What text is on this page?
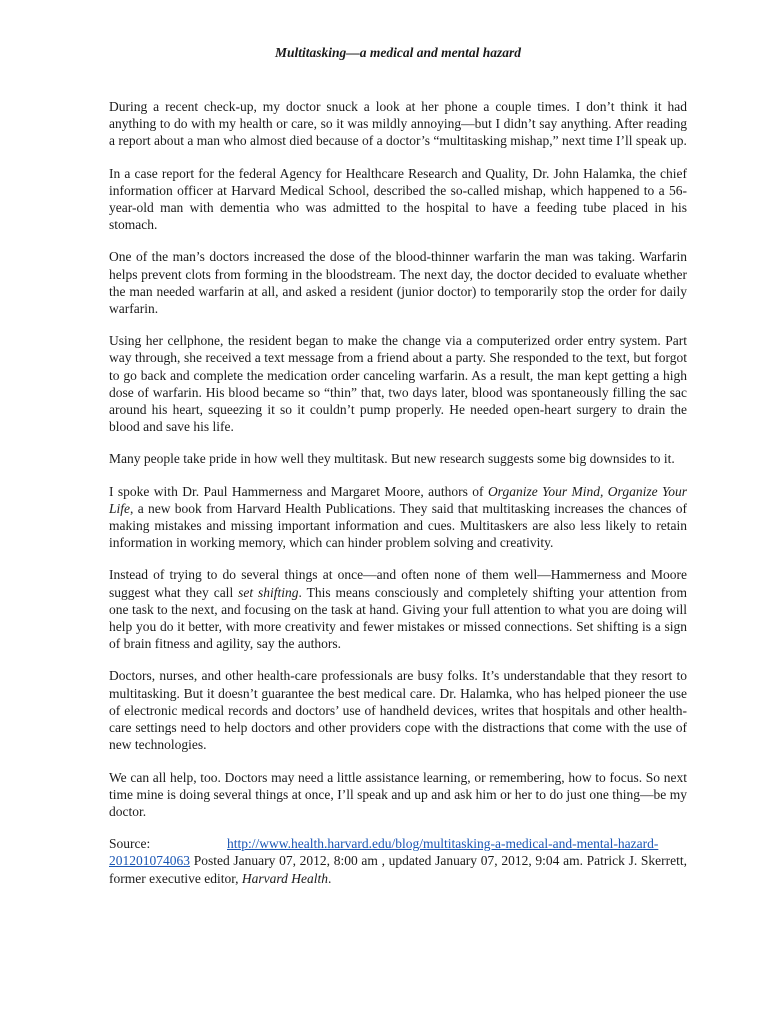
Multitasking—a medical and mental hazard

During a recent check-up, my doctor snuck a look at her phone a couple times. I don’t think it had anything to do with my health or care, so it was mildly annoying—but I didn’t say anything. After reading a report about a man who almost died because of a doctor’s “multitasking mishap,” next time I’ll speak up.

In a case report for the federal Agency for Healthcare Research and Quality, Dr. John Halamka, the chief information officer at Harvard Medical School, described the so-called mishap, which happened to a 56-year-old man with dementia who was admitted to the hospital to have a feeding tube placed in his stomach.

One of the man’s doctors increased the dose of the blood-thinner warfarin the man was taking. Warfarin helps prevent clots from forming in the bloodstream. The next day, the doctor decided to evaluate whether the man needed warfarin at all, and asked a resident (junior doctor) to temporarily stop the order for daily warfarin.

Using her cellphone, the resident began to make the change via a computerized order entry system. Part way through, she received a text message from a friend about a party. She responded to the text, but forgot to go back and complete the medication order canceling warfarin. As a result, the man kept getting a high dose of warfarin. His blood became so “thin” that, two days later, blood was spontaneously filling the sac around his heart, squeezing it so it couldn’t pump properly. He needed open-heart surgery to drain the blood and save his life.

Many people take pride in how well they multitask. But new research suggests some big downsides to it.

I spoke with Dr. Paul Hammerness and Margaret Moore, authors of Organize Your Mind, Organize Your Life, a new book from Harvard Health Publications. They said that multitasking increases the chances of making mistakes and missing important information and cues. Multitaskers are also less likely to retain information in working memory, which can hinder problem solving and creativity.

Instead of trying to do several things at once—and often none of them well—Hammerness and Moore suggest what they call set shifting. This means consciously and completely shifting your attention from one task to the next, and focusing on the task at hand. Giving your full attention to what you are doing will help you do it better, with more creativity and fewer mistakes or missed connections. Set shifting is a sign of brain fitness and agility, say the authors.

Doctors, nurses, and other health-care professionals are busy folks. It’s understandable that they resort to multitasking. But it doesn’t guarantee the best medical care. Dr. Halamka, who has helped pioneer the use of electronic medical records and doctors’ use of handheld devices, writes that hospitals and other health-care settings need to help doctors and other providers cope with the distractions that come with the use of new technologies.

We can all help, too. Doctors may need a little assistance learning, or remembering, how to focus. So next time mine is doing several things at once, I’ll speak and up and ask him or her to do just one thing—be my doctor.

Source:	http://www.health.harvard.edu/blog/multitasking-a-medical-and-mental-hazard-201201074063 Posted January 07, 2012, 8:00 am , updated January 07, 2012, 9:04 am. Patrick J. Skerrett, former executive editor, Harvard Health.
